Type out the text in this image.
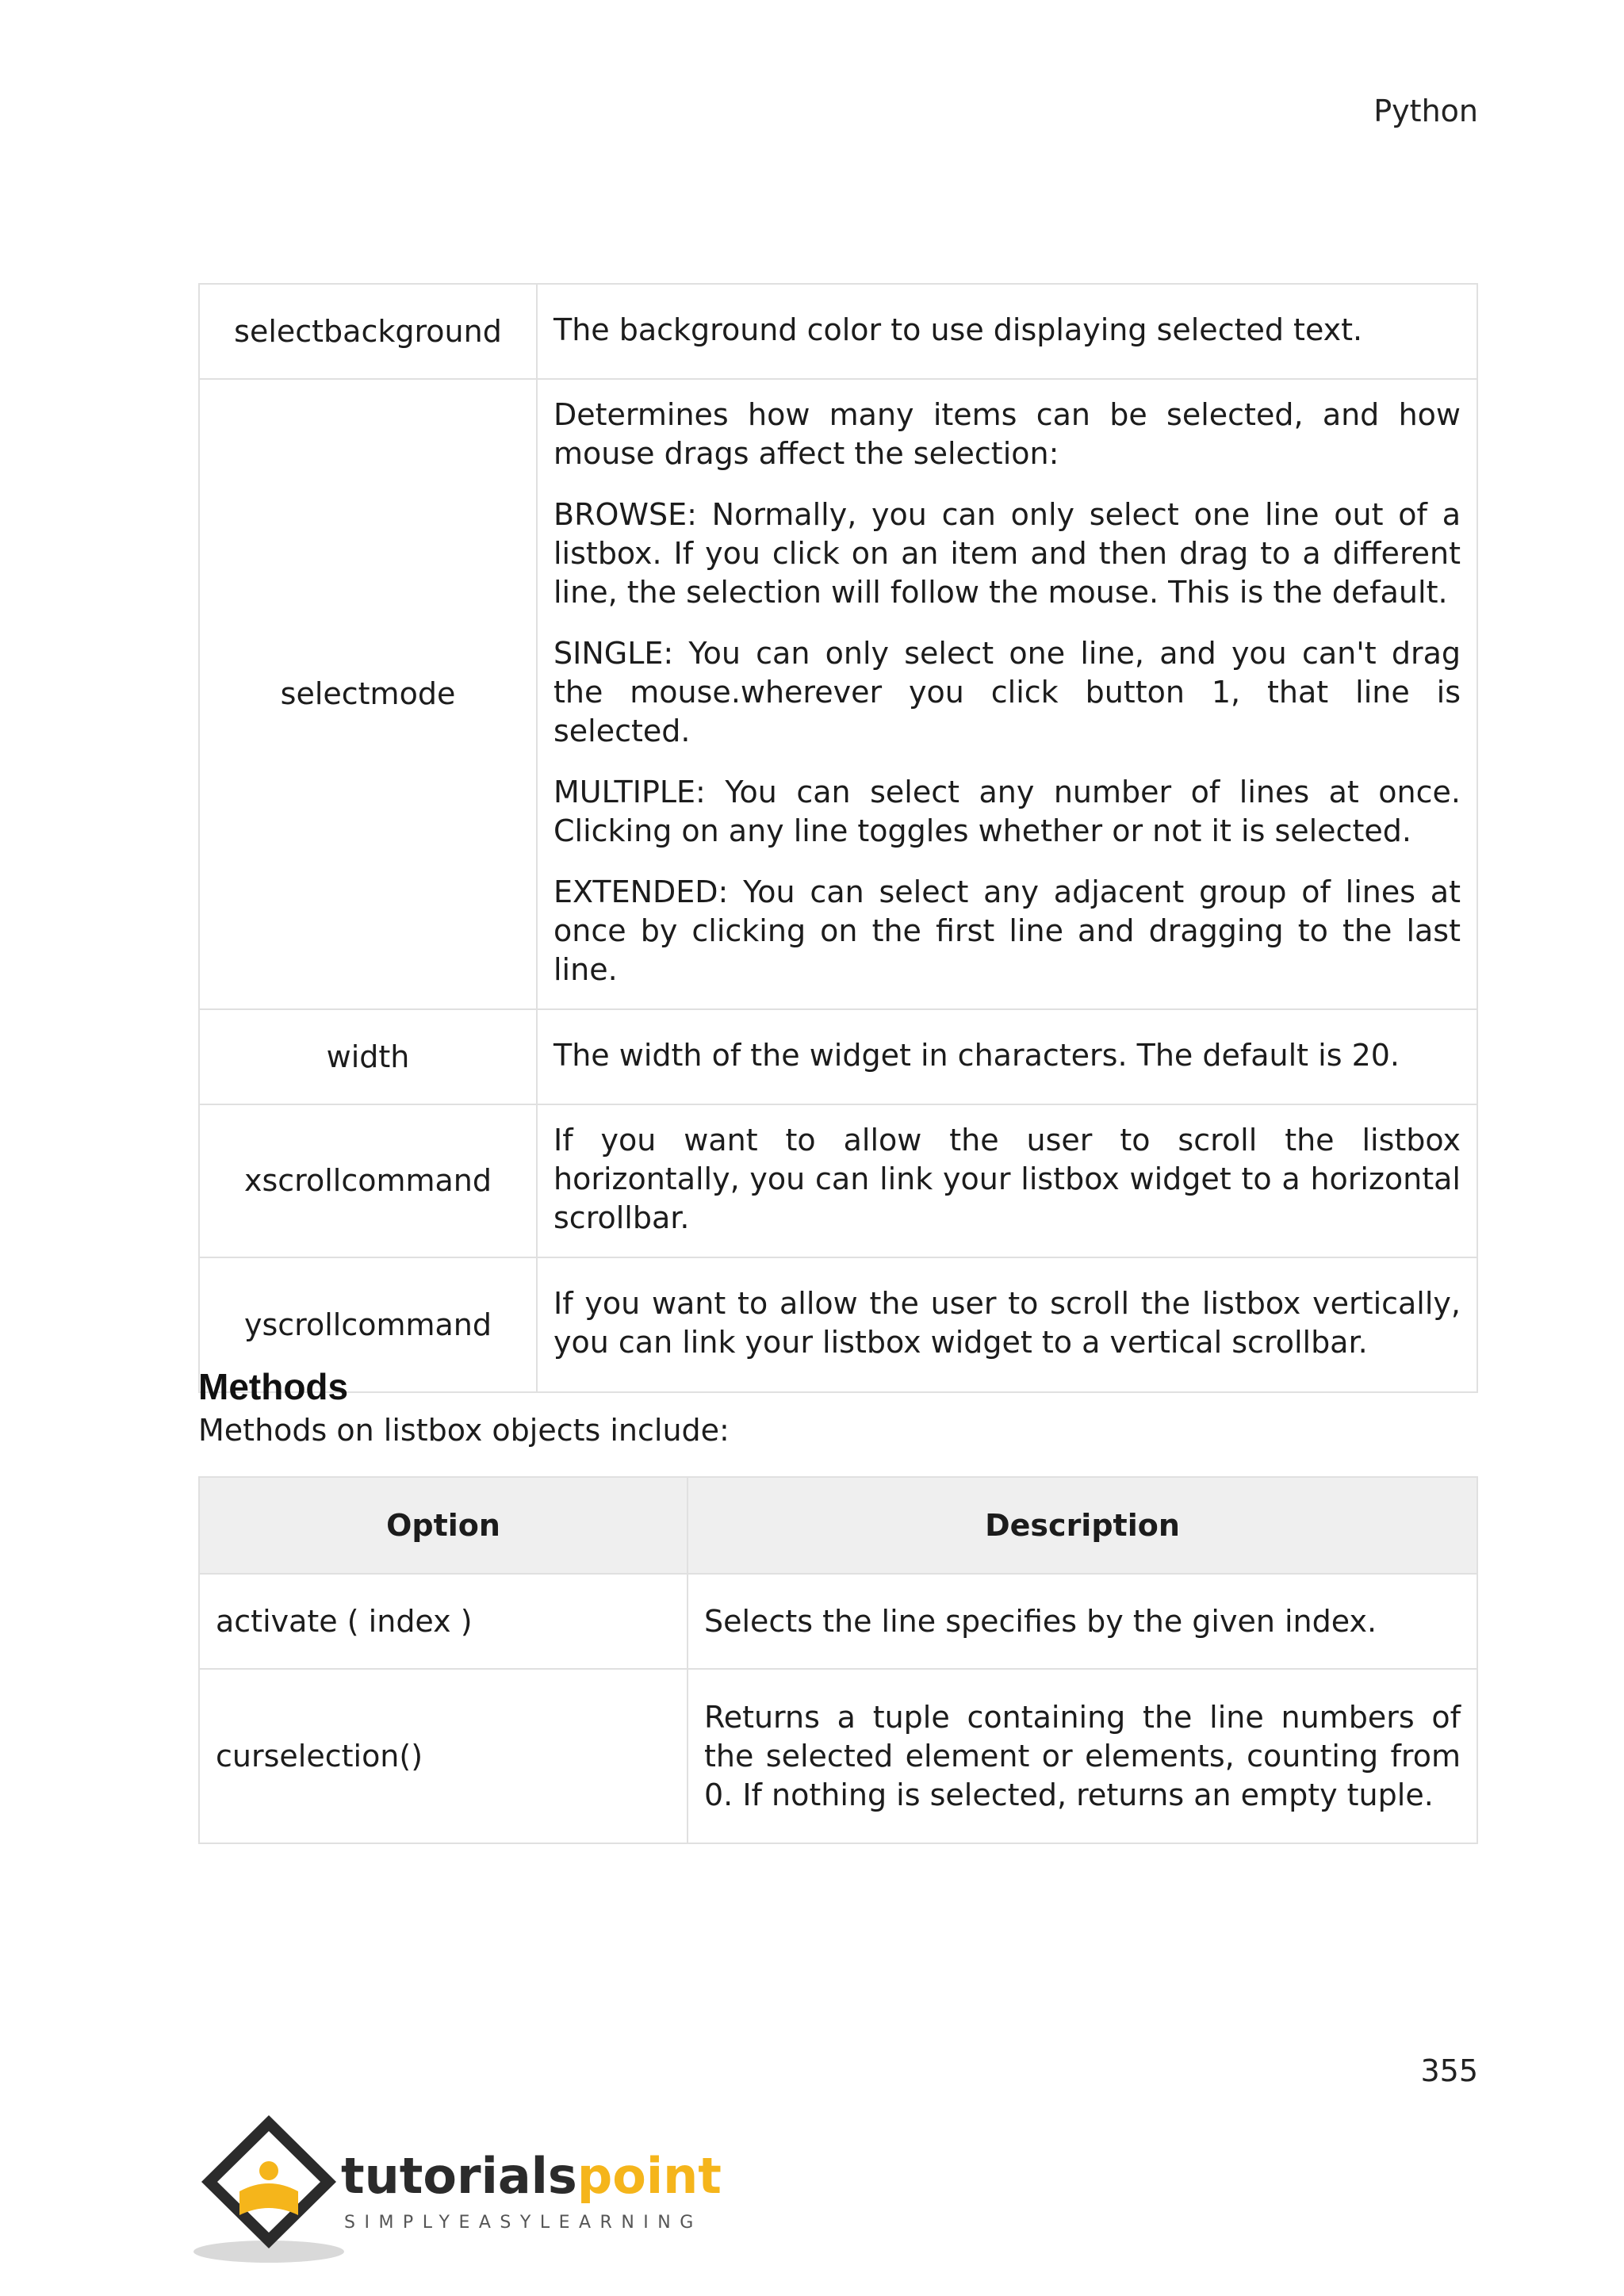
Python
selectbackground	The background color to use displaying selected text.

selectmode	Determines how many items can be selected, and how mouse drags affect the selection:

BROWSE: Normally, you can only select one line out of a listbox. If you click on an item and then drag to a different line, the selection will follow the mouse. This is the default.

SINGLE: You can only select one line, and you can't drag the mouse.wherever you click button 1, that line is selected.

MULTIPLE: You can select any number of lines at once. Clicking on any line toggles whether or not it is selected.

EXTENDED: You can select any adjacent group of lines at once by clicking on the first line and dragging to the last line.

width	The width of the widget in characters. The default is 20.

xscrollcommand	If you want to allow the user to scroll the listbox horizontally, you can link your listbox widget to a horizontal scrollbar.

yscrollcommand	If you want to allow the user to scroll the listbox vertically, you can link your listbox widget to a vertical scrollbar.

Methods

Methods on listbox objects include:

Option	Description
activate ( index )	Selects the line specifies by the given index.
curselection()	Returns a tuple containing the line numbers of the selected element or elements, counting from 0. If nothing is selected, returns an empty tuple.
355
tutorialspoint
SIMPLYEASYLEARNING
